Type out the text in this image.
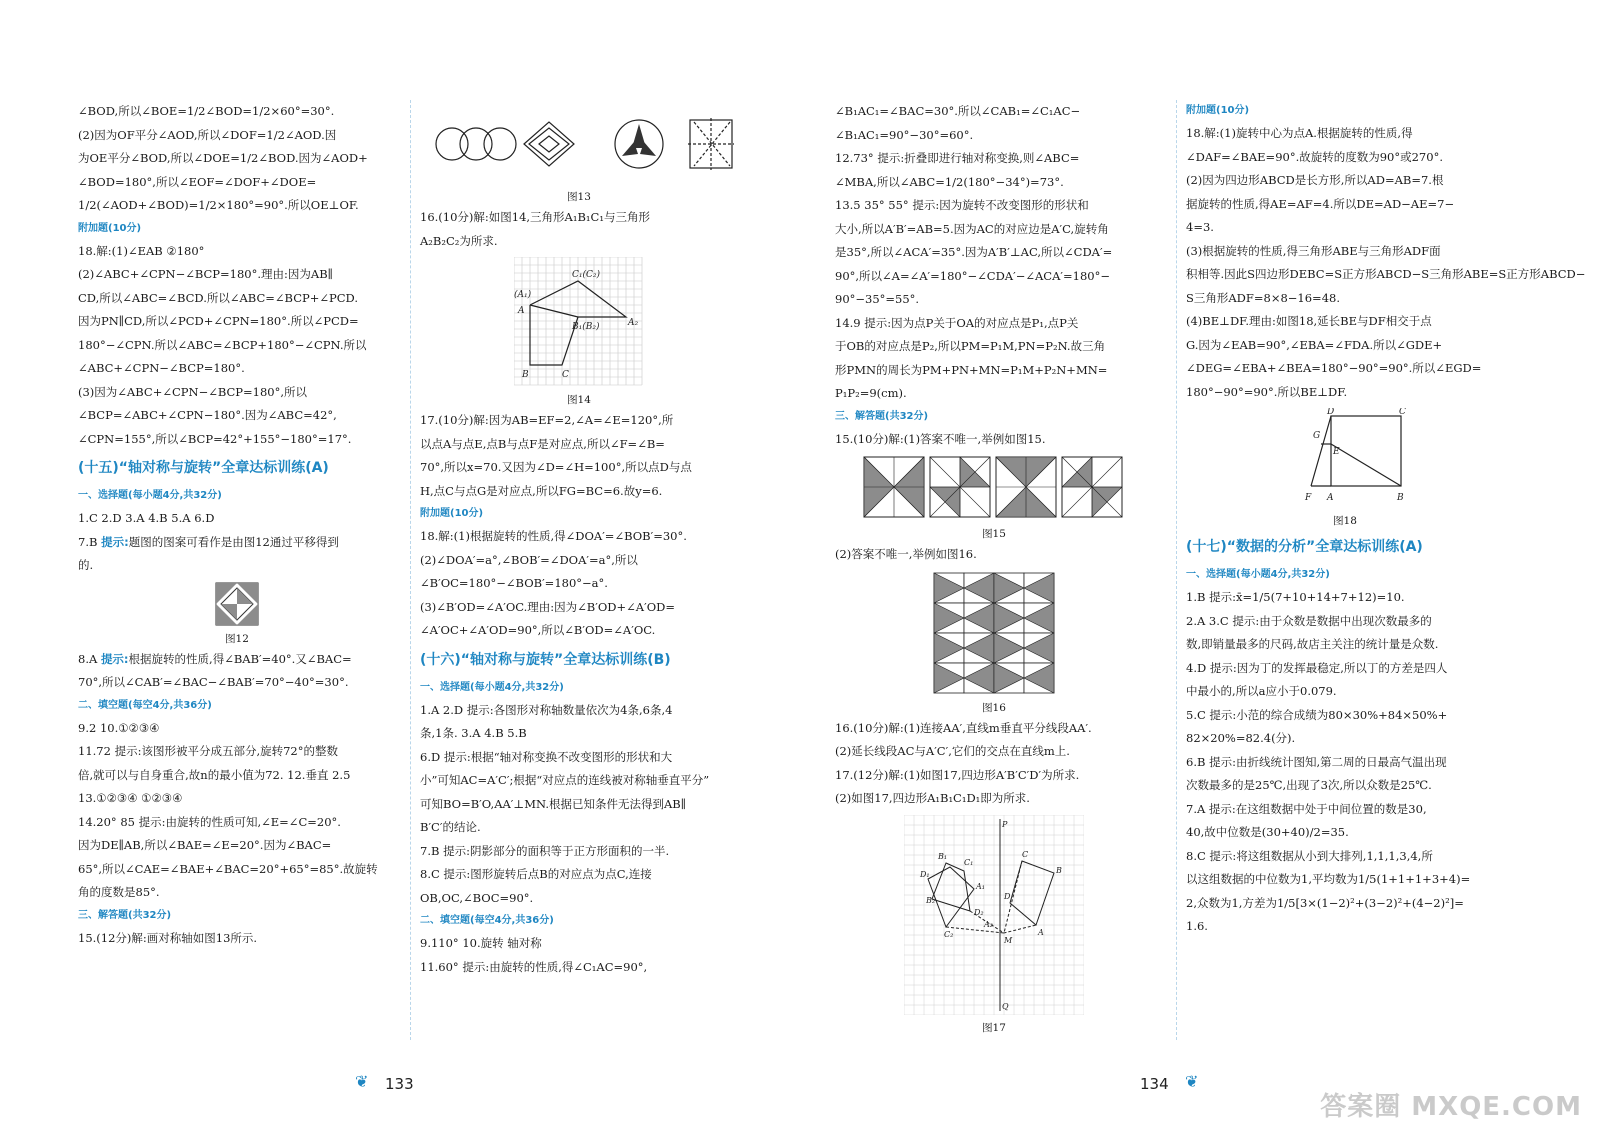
∠BOD,所以∠BOE=1/2∠BOD=1/2×60°=30°.

(2)因为OF平分∠AOD,所以∠DOF=1/2∠AOD.因

为OE平分∠BOD,所以∠DOE=1/2∠BOD.因为∠AOD+

∠BOD=180°,所以∠EOF=∠DOF+∠DOE=

1/2(∠AOD+∠BOD)=1/2×180°=90°.所以OE⊥OF.

附加题(10分)

18.解:(1)∠EAB ②180°

(2)∠ABC+∠CPN−∠BCP=180°.理由:因为AB∥

CD,所以∠ABC=∠BCD.所以∠ABC=∠BCP+∠PCD.

因为PN∥CD,所以∠PCD+∠CPN=180°.所以∠PCD=

180°−∠CPN.所以∠ABC=∠BCP+180°−∠CPN.所以

∠ABC+∠CPN−∠BCP=180°.

(3)因为∠ABC+∠CPN−∠BCP=180°,所以

∠BCP=∠ABC+∠CPN−180°.因为∠ABC=42°,

∠CPN=155°,所以∠BCP=42°+155°−180°=17°.

(十五)“轴对称与旋转”全章达标训练(A)

一、选择题(每小题4分,共32分)

1.C 2.D 3.A 4.B 5.A 6.D

7.B 提示:题图的图案可看作是由图12通过平移得到

的.

图12

8.A 提示:根据旋转的性质,得∠BAB′=40°.又∠BAC=

70°,所以∠CAB′=∠BAC−∠BAB′=70°−40°=30°.

二、填空题(每空4分,共36分)

9.2 10.①②③④

11.72 提示:该图形被平分成五部分,旋转72°的整数

倍,就可以与自身重合,故n的最小值为72. 12.垂直 2.5

13.①②③④ ①②③④

14.20° 85 提示:由旋转的性质可知,∠E=∠C=20°.

因为DE∥AB,所以∠BAE=∠E=20°.因为∠BAC=

65°,所以∠CAE=∠BAE+∠BAC=20°+65°=85°.故旋转

角的度数是85°.

三、解答题(共32分)

15.(12分)解:画对称轴如图13所示.

图13

16.(10分)解:如图14,三角形A₁B₁C₁与三角形

A₂B₂C₂为所求.

C₁(C₂)
(A₁)
A
B₁(B₂)	A₂
B	C

图14

17.(10分)解:因为AB=EF=2,∠A=∠E=120°,所

以点A与点E,点B与点F是对应点,所以∠F=∠B=

70°,所以x=70.又因为∠D=∠H=100°,所以点D与点

H,点C与点G是对应点,所以FG=BC=6.故y=6.

附加题(10分)

18.解:(1)根据旋转的性质,得∠DOA′=∠BOB′=30°.

(2)∠DOA′=a°,∠BOB′=∠DOA′=a°,所以

∠B′OC=180°−∠BOB′=180°−a°.

(3)∠B′OD=∠A′OC.理由:因为∠B′OD+∠A′OD=

∠A′OC+∠A′OD=90°,所以∠B′OD=∠A′OC.

(十六)“轴对称与旋转”全章达标训练(B)

一、选择题(每小题4分,共32分)

1.A 2.D 提示:各图形对称轴数量依次为4条,6条,4

条,1条. 3.A 4.B 5.B

6.D 提示:根据“轴对称变换不改变图形的形状和大

小”可知AC=A′C′;根据“对应点的连线被对称轴垂直平分”

可知BO=B′O,AA′⊥MN.根据已知条件无法得到AB∥

B′C′的结论.

7.B 提示:阴影部分的面积等于正方形面积的一半.

8.C 提示:图形旋转后点B的对应点为点C,连接

OB,OC,∠BOC=90°.

二、填空题(每空4分,共36分)

9.110° 10.旋转 轴对称

11.60° 提示:由旋转的性质,得∠C₁AC=90°,

∠B₁AC₁=∠BAC=30°.所以∠CAB₁=∠C₁AC−

∠B₁AC₁=90°−30°=60°.

12.73° 提示:折叠即进行轴对称变换,则∠ABC=

∠MBA,所以∠ABC=1/2(180°−34°)=73°.

13.5 35° 55° 提示:因为旋转不改变图形的形状和

大小,所以A′B′=AB=5.因为AC的对应边是A′C,旋转角

是35°,所以∠ACA′=35°.因为A′B′⊥AC,所以∠CDA′=

90°,所以∠A=∠A′=180°−∠CDA′−∠ACA′=180°−

90°−35°=55°.

14.9 提示:因为点P关于OA的对应点是P₁,点P关

于OB的对应点是P₂,所以PM=P₁M,PN=P₂N.故三角

形PMN的周长为PM+PN+MN=P₁M+P₂N+MN=

P₁P₂=9(cm).

三、解答题(共32分)

15.(10分)解:(1)答案不唯一,举例如图15.

图15

(2)答案不唯一,举例如图16.

图16

16.(10分)解:(1)连接AA′,直线m垂直平分线段AA′.

(2)延长线段AC与A′C′,它们的交点在直线m上.

17.(12分)解:(1)如图17,四边形A′B′C′D′为所求.

(2)如图17,四边形A₁B₁C₁D₁即为所求.

P
Q
M
A
B
C
D
B₁
C₁
D₁
A₁
B₂
C₂
D₂
A₂

图17

附加题(10分)

18.解:(1)旋转中心为点A.根据旋转的性质,得

∠DAF=∠BAE=90°.故旋转的度数为90°或270°.

(2)因为四边形ABCD是长方形,所以AD=AB=7.根

据旋转的性质,得AE=AF=4.所以DE=AD−AE=7−

4=3.

(3)根据旋转的性质,得三角形ABE与三角形ADF面

积相等.因此S四边形DEBC=S正方形ABCD−S三角形ABE=S正方形ABCD−

S三角形ADF=8×8−16=48.

(4)BE⊥DF.理由:如图18,延长BE与DF相交于点

G.因为∠EAB=90°,∠EBA=∠FDA.所以∠GDE+

∠DEG=∠EBA+∠BEA=180°−90°=90°.所以∠EGD=

180°−90°=90°.所以BE⊥DF.

D	C
G
E
F A	B

图18

(十七)“数据的分析”全章达标训练(A)

一、选择题(每小题4分,共32分)

1.B 提示:x̄=1/5(7+10+14+7+12)=10.

2.A 3.C 提示:由于众数是数据中出现次数最多的

数,即销量最多的尺码,故店主关注的统计量是众数.

4.D 提示:因为丁的发挥最稳定,所以丁的方差是四人

中最小的,所以a应小于0.079.

5.C 提示:小范的综合成绩为80×30%+84×50%+

82×20%=82.4(分).

6.B 提示:由折线统计图知,第二周的日最高气温出现

次数最多的是25℃,出现了3次,所以众数是25℃.

7.A 提示:在这组数据中处于中间位置的数是30,

40,故中位数是(30+40)/2=35.

8.C 提示:将这组数据从小到大排列,1,1,1,3,4,所

以这组数据的中位数为1,平均数为1/5(1+1+1+3+4)=

2,众数为1,方差为1/5[3×(1−2)²+(3−2)²+(4−2)²]=

1.6.

❦ 133	134 ❦
答案圈 MXQE.COM
